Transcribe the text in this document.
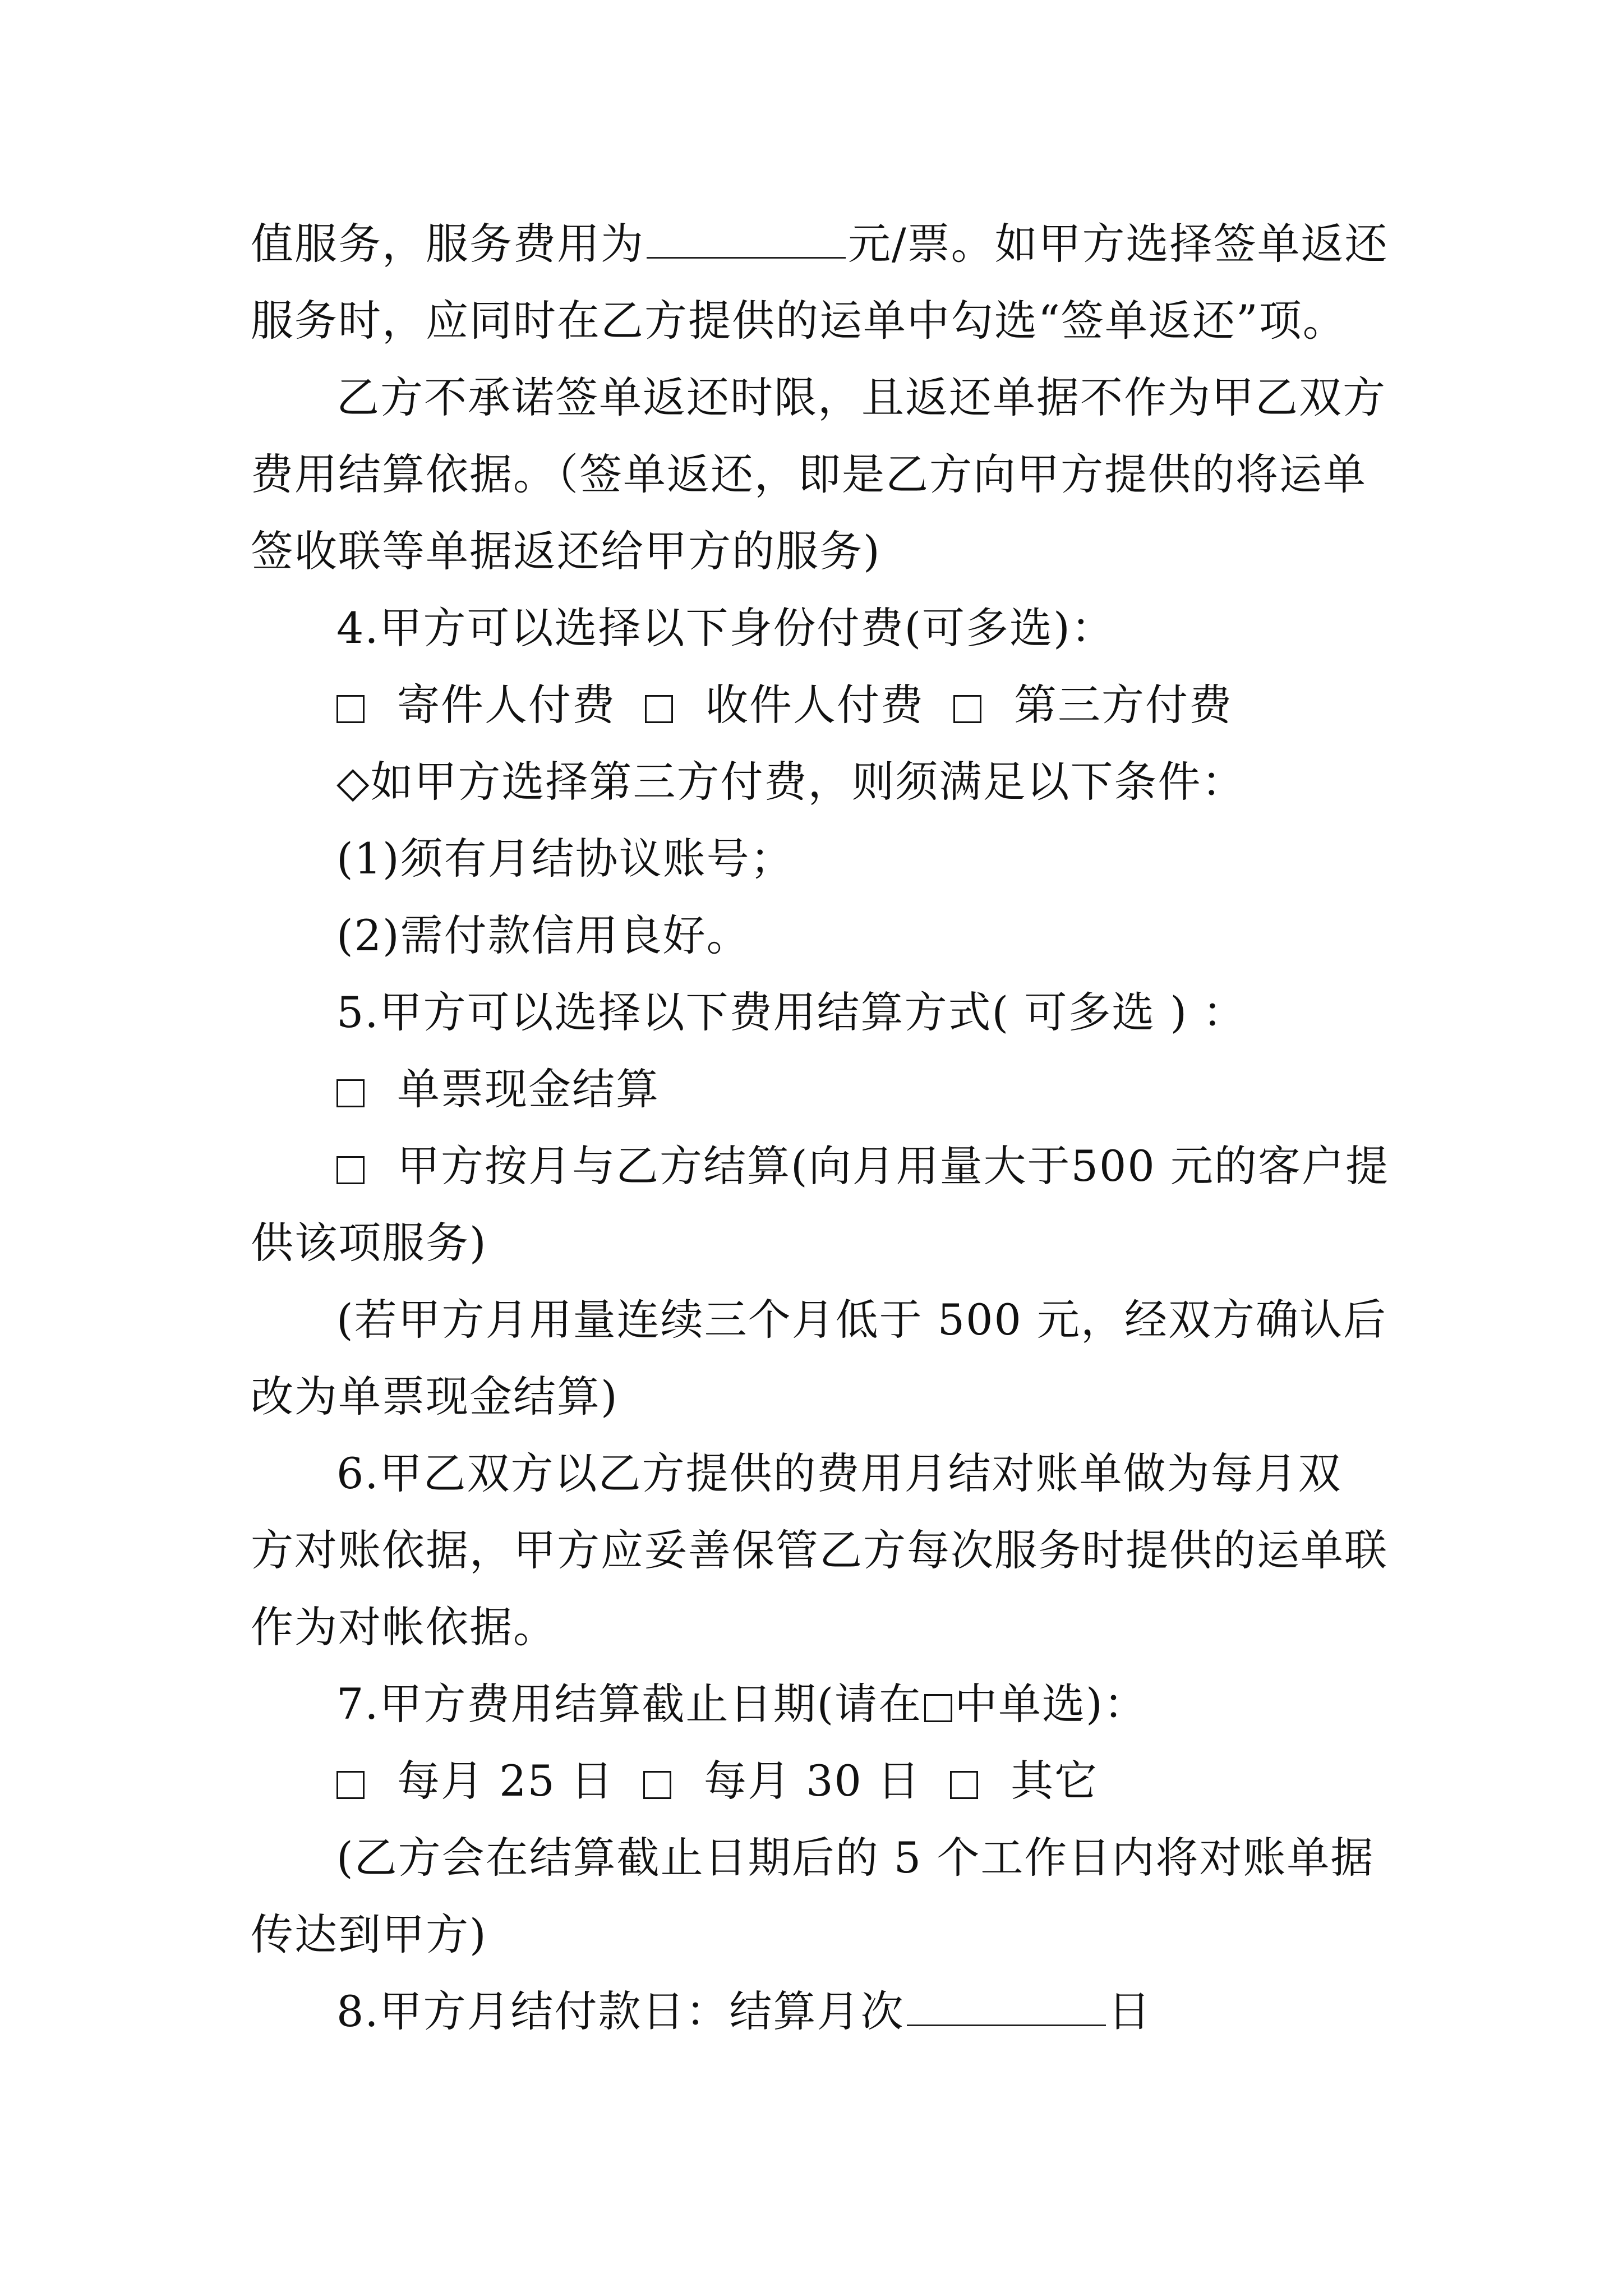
值服务，服务费用为	元/票。如甲方选择签单返还
服务时，应同时在乙方提供的运单中勾选“签单返还”项。
乙方不承诺签单返还时限，且返还单据不作为甲乙双方
费用结算依据。（签单返还，即是乙方向甲方提供的将运单
签收联等单据返还给甲方的服务)
4.甲方可以选择以下身份付费(可多选)：
寄件人付费 收件人付费 第三方付费
◇如甲方选择第三方付费，则须满足以下条件：
(1)须有月结协议账号；
(2)需付款信用良好。
5.甲方可以选择以下费用结算方式( 可多选 ) ：
单票现金结算
甲方按月与乙方结算(向月用量大于500 元的客户提
供该项服务)
(若甲方月用量连续三个月低于 500 元，经双方确认后
改为单票现金结算)
6.甲乙双方以乙方提供的费用月结对账单做为每月双
方对账依据，甲方应妥善保管乙方每次服务时提供的运单联
作为对帐依据。
7.甲方费用结算截止日期(请在 中单选)：
每月 25 日 每月 30 日 其它
(乙方会在结算截止日期后的 5 个工作日内将对账单据
传达到甲方)
8.甲方月结付款日：结算月次	日
